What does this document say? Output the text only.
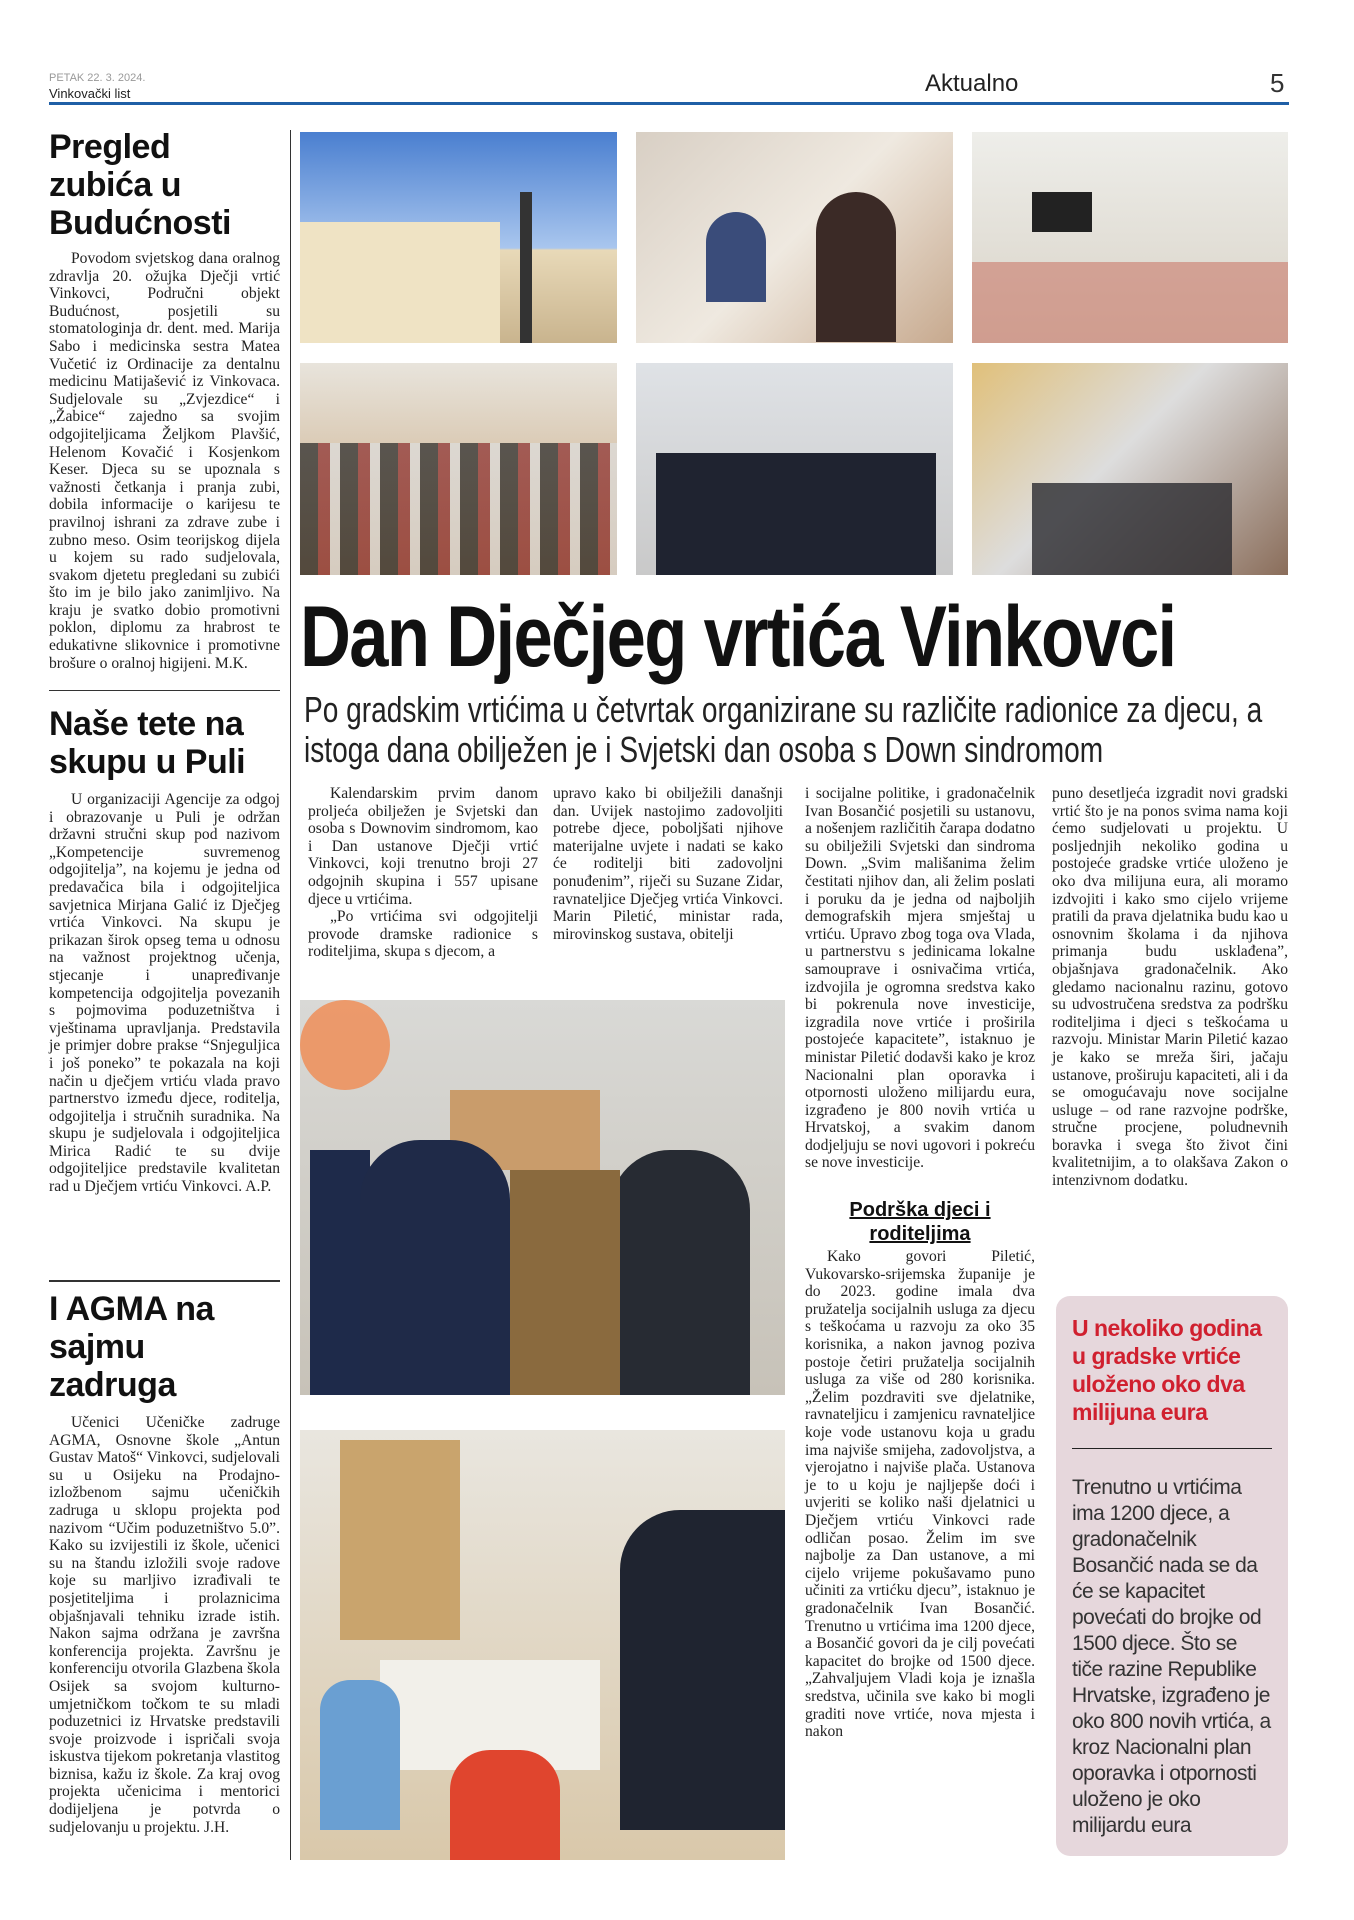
PETAK 22. 3. 2024.
Vinkovački list	Aktualno	5
Pregled zubića u Budućnosti

Povodom svjetskog dana oralnog zdravlja 20. ožujka Dječji vrtić Vinkovci, Područni objekt Budućnost, posjetili su stomatologinja dr. dent. med. Marija Sabo i medicinska sestra Matea Vučetić iz Ordinacije za dentalnu medicinu Matijašević iz Vinkovaca. Sudjelovale su „Zvjezdice“ i „Žabice“ zajedno sa svojim odgojiteljicama Željkom Plavšić, Helenom Kovačić i Kosjenkom Keser. Djeca su se upoznala s važnosti četkanja i pranja zubi, dobila informacije o karijesu te pravilnoj ishrani za zdrave zube i zubno meso. Osim teorijskog dijela u kojem su rado sudjelovala, svakom djetetu pregledani su zubići što im je bilo jako zanimljivo. Na kraju je svatko dobio promotivni poklon, diplomu za hrabrost te edukativne slikovnice i promotivne brošure o oralnoj higijeni. M.K.

Naše tete na skupu u Puli

U organizaciji Agencije za odgoj i obrazovanje u Puli je održan državni stručni skup pod nazivom „Kompetencije suvremenog odgojitelja”, na kojemu je jedna od predavačica bila i odgojiteljica savjetnica Mirjana Galić iz Dječjeg vrtića Vinkovci. Na skupu je prikazan širok opseg tema u odnosu na važnost projektnog učenja, stjecanje i unapređivanje kompetencija odgojitelja povezanih s pojmovima poduzetništva i vještinama upravljanja. Predstavila je primjer dobre prakse “Snjeguljica i još poneko” te pokazala na koji način u dječjem vrtiću vlada pravo partnerstvo između djece, roditelja, odgojitelja i stručnih suradnika. Na skupu je sudjelovala i odgojiteljica Mirica Radić te su dvije odgojiteljice predstavile kvalitetan rad u Dječjem vrtiću Vinkovci. A.P.

I AGMA na sajmu zadruga

Učenici Učeničke zadruge AGMA, Osnovne škole „Antun Gustav Matoš“ Vinkovci, sudjelovali su u Osijeku na Prodajno-izložbenom sajmu učeničkih zadruga u sklopu projekta pod nazivom “Učim poduzetništvo 5.0”. Kako su izvijestili iz škole, učenici su na štandu izložili svoje radove koje su marljivo izrađivali te posjetiteljima i prolaznicima objašnjavali tehniku izrade istih. Nakon sajma održana je završna konferencija projekta. Završnu je konferenciju otvorila Glazbena škola Osijek sa svojom kulturno-umjetničkom točkom te su mladi poduzetnici iz Hrvatske predstavili svoje proizvode i ispričali svoja iskustva tijekom pokretanja vlastitog biznisa, kažu iz škole. Za kraj ovog projekta učenicima i mentorici dodijeljena je potvrda o sudjelovanju u projektu. J.H.

Dan Dječjeg vrtića Vinkovci
Po gradskim vrtićima u četvrtak organizirane su različite radionice za djecu, a istoga dana obilježen je i Svjetski dan osoba s Down sindromom

Kalendarskim prvim danom proljeća obilježen je Svjetski dan osoba s Downovim sindromom, kao i Dan ustanove Dječji vrtić Vinkovci, koji trenutno broji 27 odgojnih skupina i 557 upisane djece u vrtićima.

„Po vrtićima svi odgojitelji provode dramske radionice s roditeljima, skupa s djecom, a

upravo kako bi obilježili današnji dan. Uvijek nastojimo zadovoljiti potrebe djece, poboljšati njihove materijalne uvjete i nadati se kako će roditelji biti zadovoljni ponuđenim”, riječi su Suzane Zidar, ravnateljice Dječjeg vrtića Vinkovci. Marin Piletić, ministar rada, mirovinskog sustava, obitelji

i socijalne politike, i gradonačelnik Ivan Bosančić posjetili su ustanovu, a nošenjem različitih čarapa dodatno su obilježili Svjetski dan sindroma Down. „Svim mališanima želim čestitati njihov dan, ali želim poslati i poruku da je jedna od najboljih demografskih mjera smještaj u vrtiću. Upravo zbog toga ova Vlada, u partnerstvu s jedinicama lokalne samouprave i osnivačima vrtića, izdvojila je ogromna sredstva kako bi pokrenula nove investicije, izgradila nove vrtiće i proširila postojeće kapacitete”, istaknuo je ministar Piletić dodavši kako je kroz Nacionalni plan oporavka i otpornosti uloženo milijardu eura, izgrađeno je 800 novih vrtića u Hrvatskoj, a svakim danom dodjeljuju se novi ugovori i pokreću se nove investicije.

Podrška djeci i roditeljima

Kako govori Piletić, Vukovarsko-srijemska županije je do 2023. godine imala dva pružatelja socijalnih usluga za djecu s teškoćama u razvoju za oko 35 korisnika, a nakon javnog poziva postoje četiri pružatelja socijalnih usluga za više od 280 korisnika. „Želim pozdraviti sve djelatnike, ravnateljicu i zamjenicu ravnateljice koje vode ustanovu koja u gradu ima najviše smijeha, zadovoljstva, a vjerojatno i najviše plača. Ustanova je to u koju je najljepše doći i uvjeriti se koliko naši djelatnici u Dječjem vrtiću Vinkovci rade odličan posao. Želim im sve najbolje za Dan ustanove, a mi cijelo vrijeme pokušavamo puno učiniti za vrtićku djecu”, istaknuo je gradonačelnik Ivan Bosančić. Trenutno u vrtićima ima 1200 djece, a Bosančić govori da je cilj povećati kapacitet do brojke od 1500 djece. „Zahvaljujem Vladi koja je iznašla sredstva, učinila sve kako bi mogli graditi nove vrtiće, nova mjesta i nakon

puno desetljeća izgradit novi gradski vrtić što je na ponos svima nama koji ćemo sudjelovati u projektu. U posljednjih nekoliko godina u postojeće gradske vrtiće uloženo je oko dva milijuna eura, ali moramo izdvojiti i kako smo cijelo vrijeme pratili da prava djelatnika budu kao u osnovnim školama i da njihova primanja budu usklađena”, objašnjava gradonačelnik. Ako gledamo nacionalnu razinu, gotovo su udvostručena sredstva za podršku roditeljima i djeci s teškoćama u razvoju. Ministar Marin Piletić kazao je kako se mreža širi, jačaju ustanove, proširuju kapaciteti, ali i da se omogućavaju nove socijalne usluge – od rane razvojne podrške, stručne procjene, poludnevnih boravka i svega što život čini kvalitetnijim, a to olakšava Zakon o intenzivnom dodatku.

U nekoliko godina u gradske vrtiće uloženo oko dva milijuna eura

Trenutno u vrtićima ima 1200 djece, a gradonačelnik Bosančić nada se da će se kapacitet povećati do brojke od 1500 djece. Što se tiče razine Republike Hrvatske, izgrađeno je oko 800 novih vrtića, a kroz Nacionalni plan oporavka i otpornosti uloženo je oko milijardu eura
